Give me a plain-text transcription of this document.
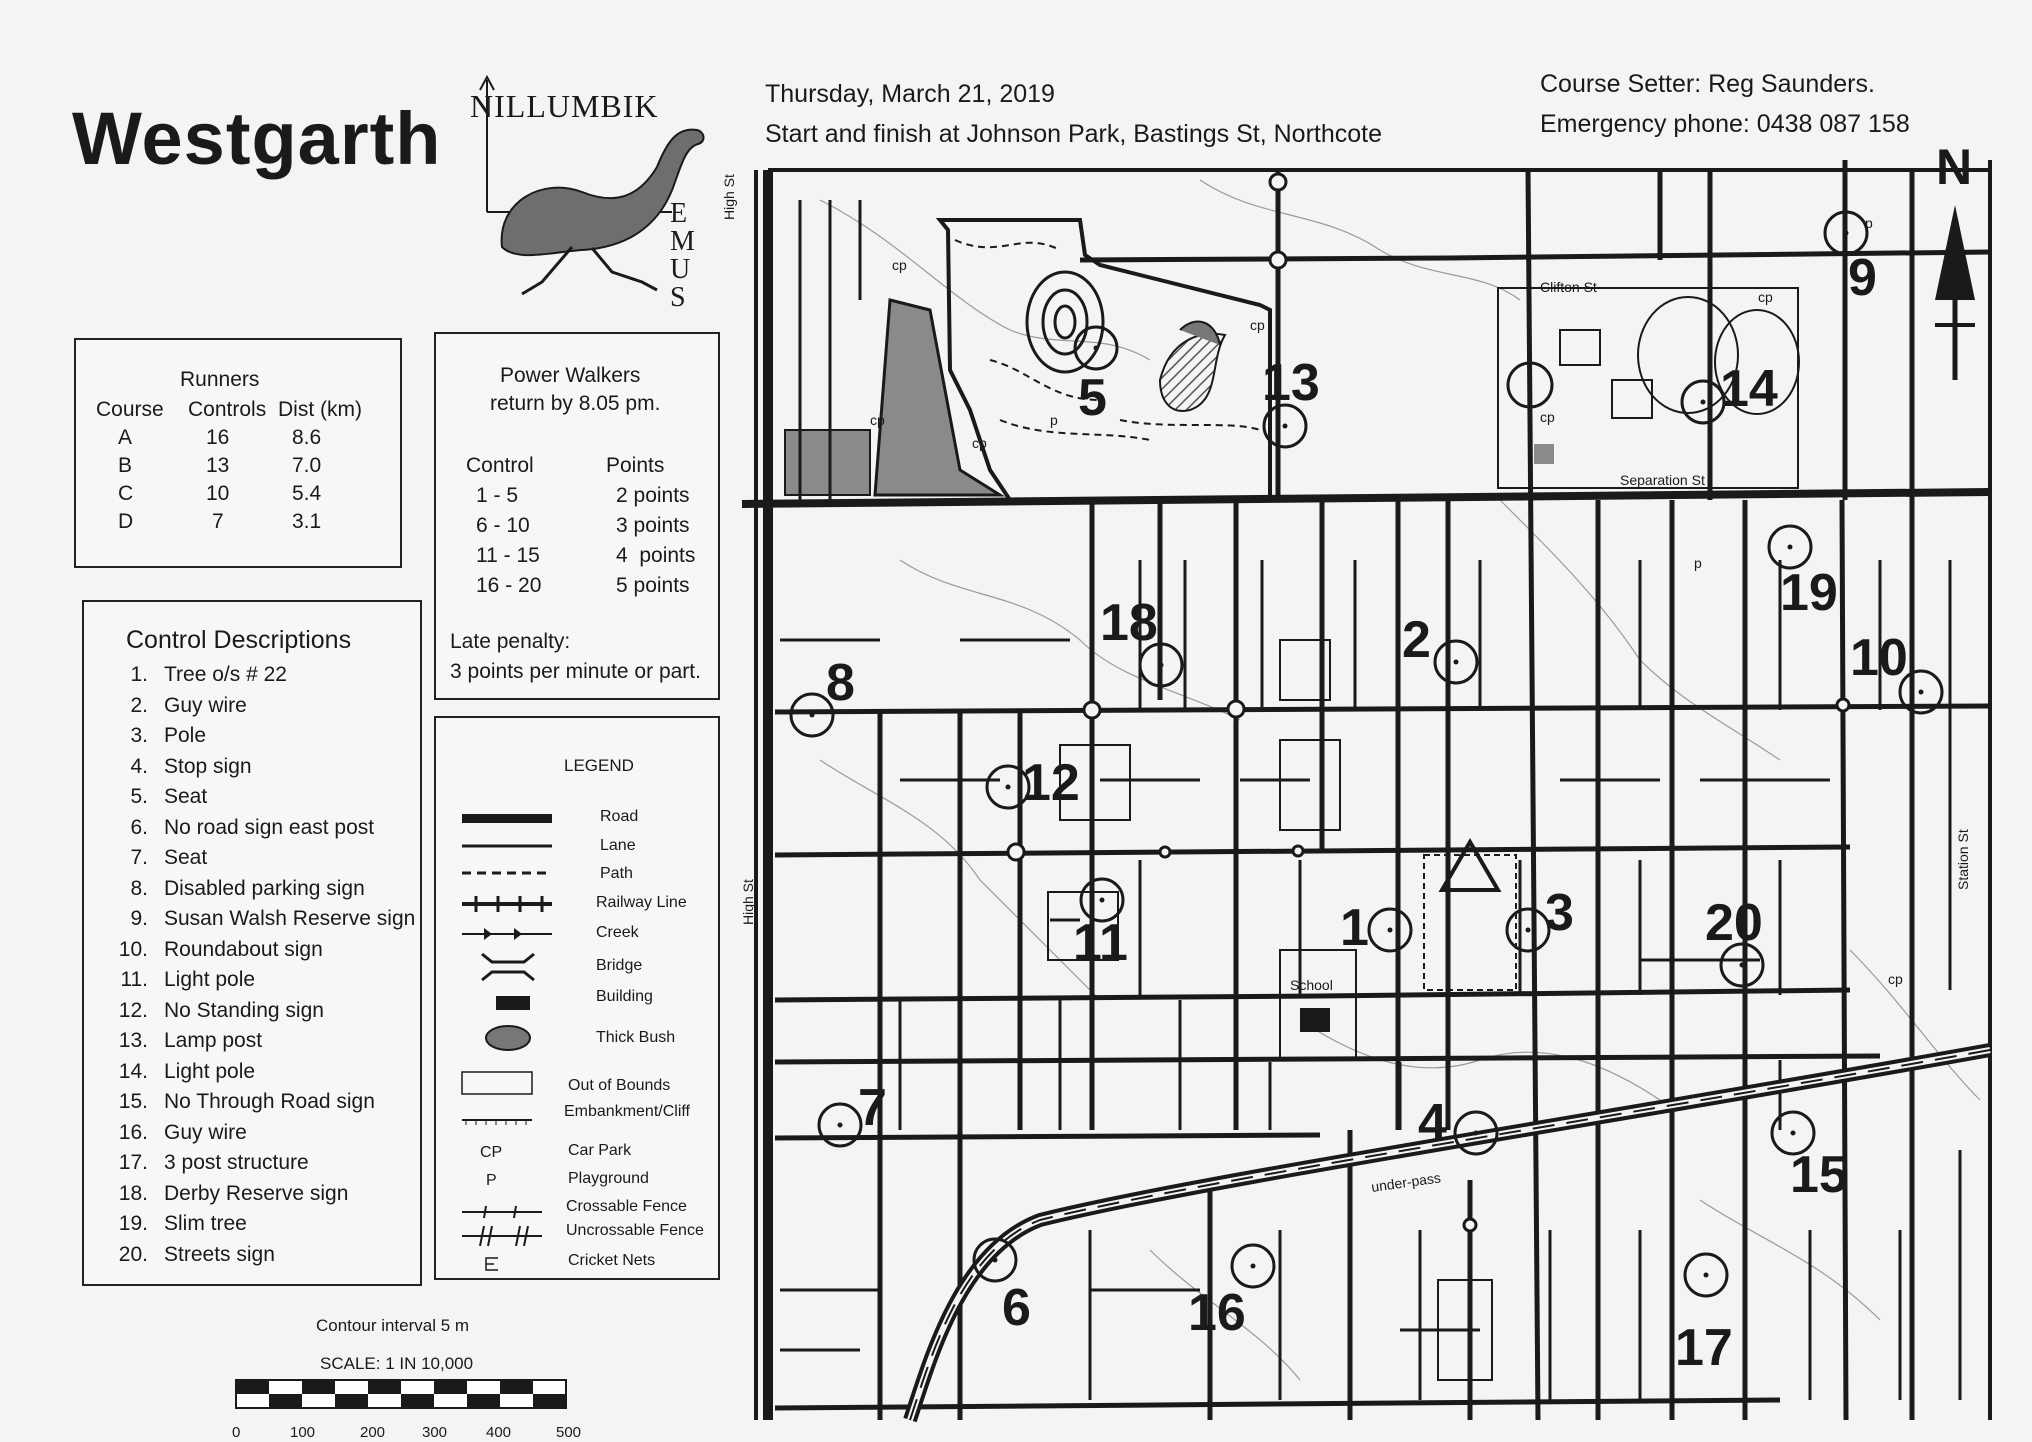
Westgarth NILLUMBIK
EMUS
Thursday, March 21, 2019
Start and finish at Johnson Park, Bastings St, Northcote
Course Setter: Reg Saunders.
Emergency phone: 0438 087 158
Runners
Course	Controls	Dist (km)
A	16	8.6
B	13	7.0
C	10	5.4
D	7	3.1
Power Walkers
return by 8.05 pm.
Control	Points
1 - 5	2 points
6 - 10	3 points
11 - 15	4  points
16 - 20	5 points
Late penalty:
3 points per minute or part.
Control Descriptions
1. Tree o/s # 22
2. Guy wire
3. Pole
4. Stop sign
5. Seat
6. No road sign east post
7. Seat
8. Disabled parking sign
9. Susan Walsh Reserve sign
10. Roundabout sign
11. Light pole
12. No Standing sign
13. Lamp post
14. Light pole
15. No Through Road sign
16. Guy wire
17. 3 post structure
18. Derby Reserve sign
19. Slim tree
20. Streets sign
LEGEND
CP
P
Road
Lane
Path
Railway Line
Creek
Bridge
Building
Thick Bush
Out of Bounds
Embankment/Cliff
Car Park
Playground
Crossable Fence
Uncrossable Fence
Cricket Nets
Contour interval 5 m
SCALE: 1 IN 10,000
0	100	200 300	400	500
1
2
3
4
5
6
7
8
9
10
11
12
13	14
15
16
17
18
19
20
High St
High St
Clifton St
Separation St
Station St
under-pass
School
cp
cp
cp
cp
cp
cp
cp
p
p
p
N
